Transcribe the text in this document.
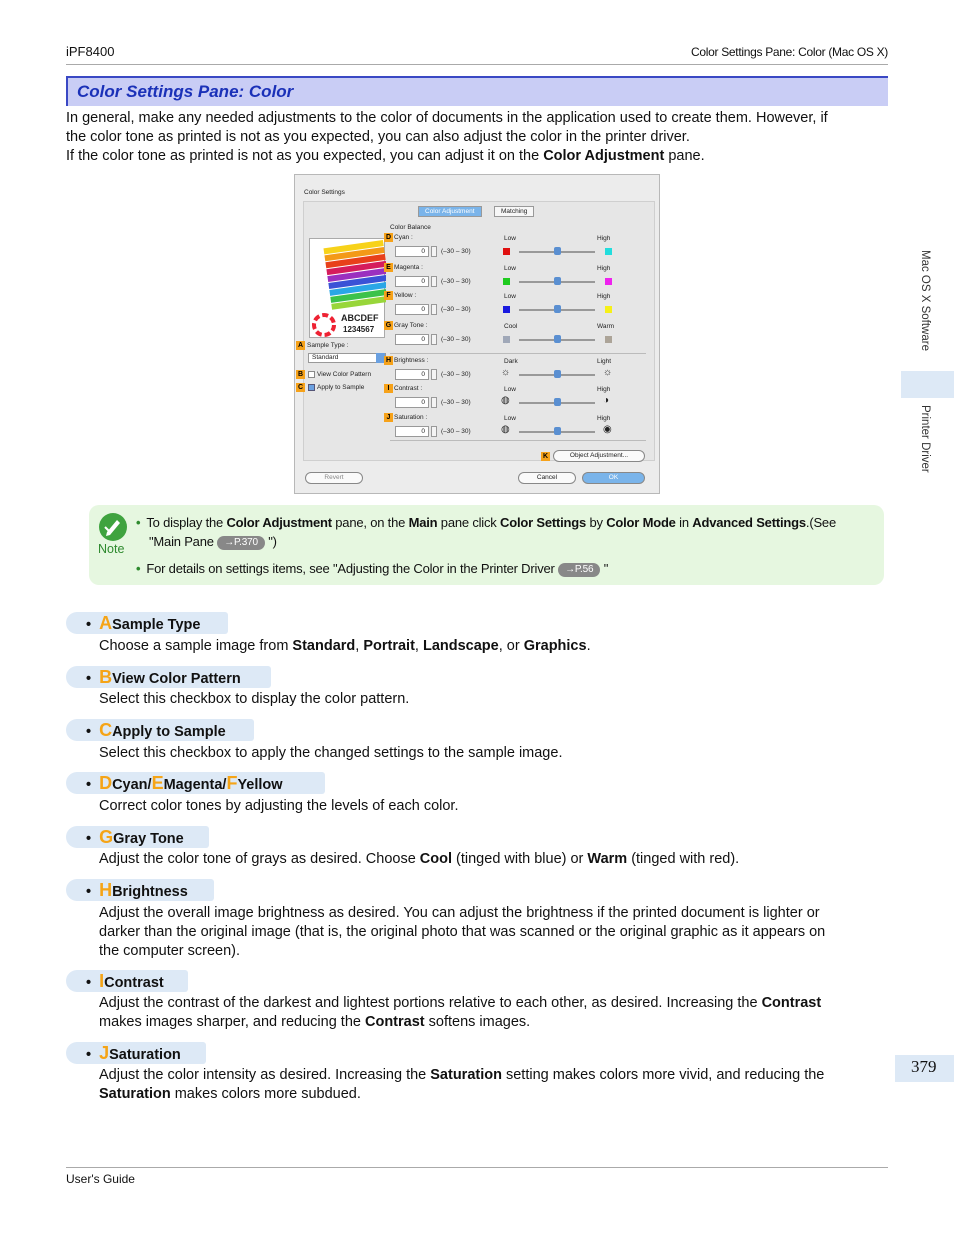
iPF8400	Color Settings Pane: Color (Mac OS X)
Mac OS X Software
Printer Driver
379
Color Settings Pane: Color
In general, make any needed adjustments to the color of documents in the application used to create them. However, if
the color tone as printed is not as you expected, you can also adjust the color in the printer driver.
If the color tone as printed is not as you expected, you can adjust it on the Color Adjustment pane.
Color Settings
Color Adjustment	Matching
Color Balance
ABCDEF
1234567
A Sample Type :
Standard
B	View Color Pattern
C	Apply to Sample
K	Object Adjustment...
Revert	Cancel	OK
D Cyan :
0	(–30 – 30)
Low	High
E Magenta :
0	(–30 – 30)
Low	High
F Yellow :
0	(–30 – 30)
Low	High
G Gray Tone :
0	(–30 – 30)
Cool	Warm
H Brightness :
0	(–30 – 30)
Dark	Light
☼	☼
I Contrast :
0	(–30 – 30)
Low	High
◍	◑
J Saturation :
0	(–30 – 30)
Low	High
◍	◉
Note
• To display the Color Adjustment pane, on the Main pane click Color Settings by Color Mode in Advanced Settings.(See
"Main Pane →P.370 ")
• For details on settings items, see "Adjusting the Color in the Printer Driver →P.56 "
• ASample Type
Choose a sample image from Standard, Portrait, Landscape, or Graphics.
• BView Color Pattern
Select this checkbox to display the color pattern.
• CApply to Sample
Select this checkbox to apply the changed settings to the sample image.
• DCyan/EMagenta/FYellow
Correct color tones by adjusting the levels of each color.
• GGray Tone
Adjust the color tone of grays as desired. Choose Cool (tinged with blue) or Warm (tinged with red).
• HBrightness
Adjust the overall image brightness as desired. You can adjust the brightness if the printed document is lighter or
darker than the original image (that is, the original photo that was scanned or the original graphic as it appears on
the computer screen).
• IContrast
Adjust the contrast of the darkest and lightest portions relative to each other, as desired. Increasing the Contrast
makes images sharper, and reducing the Contrast softens images.
• JSaturation
Adjust the color intensity as desired. Increasing the Saturation setting makes colors more vivid, and reducing the
Saturation makes colors more subdued.
User's Guide
